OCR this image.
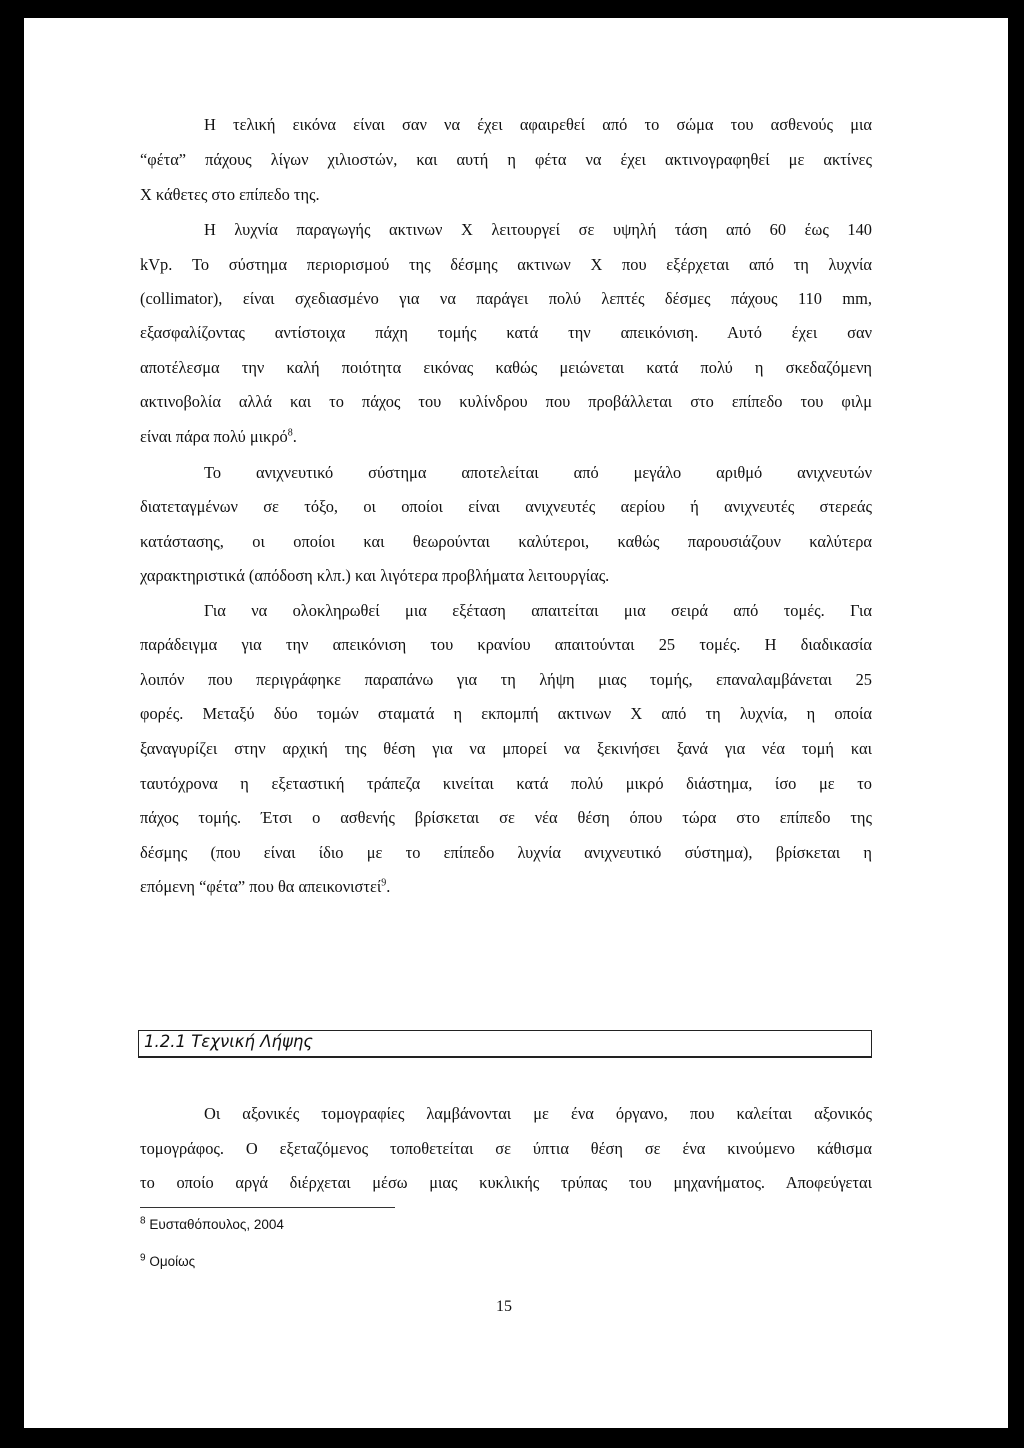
Η τελική εικόνα είναι σαν να έχει αφαιρεθεί από το σώμα του ασθενούς μια
“φέτα” πάχους λίγων χιλιοστών, και αυτή η φέτα να έχει ακτινογραφηθεί με ακτίνες
Χ κάθετες στο επίπεδο της.
Η λυχνία παραγωγής ακτινων Χ λειτουργεί σε υψηλή τάση από 60 έως 140
kVp. Το σύστημα περιορισμού της δέσμης ακτινων Χ που εξέρχεται από τη λυχνία
(collimator), είναι σχεδιασμένο για να παράγει πολύ λεπτές δέσμες πάχους 110 mm,
εξασφαλίζοντας αντίστοιχα πάχη τομής κατά την απεικόνιση. Αυτό έχει σαν
αποτέλεσμα την καλή ποιότητα εικόνας καθώς μειώνεται κατά πολύ η σκεδαζόμενη
ακτινοβολία αλλά και το πάχος του κυλίνδρου που προβάλλεται στο επίπεδο του φιλμ
είναι πάρα πολύ μικρό$^8$.
Το ανιχνευτικό σύστημα αποτελείται από μεγάλο αριθμό ανιχνευτών
διατεταγμένων σε τόξο, οι οποίοι είναι ανιχνευτές αερίου ή ανιχνευτές στερεάς
κατάστασης, οι οποίοι και θεωρούνται καλύτεροι, καθώς παρουσιάζουν καλύτερα
χαρακτηριστικά (απόδοση κλπ.) και λιγότερα προβλήματα λειτουργίας.
Για να ολοκληρωθεί μια εξέταση απαιτείται μια σειρά από τομές. Για
παράδειγμα για την απεικόνιση του κρανίου απαιτούνται 25 τομές. Η διαδικασία
λοιπόν που περιγράφηκε παραπάνω για τη λήψη μιας τομής, επαναλαμβάνεται 25
φορές. Μεταξύ δύο τομών σταματά η εκπομπή ακτινων Χ από τη λυχνία, η οποία
ξαναγυρίζει στην αρχική της θέση για να μπορεί να ξεκινήσει ξανά για νέα τομή και
ταυτόχρονα η εξεταστική τράπεζα κινείται κατά πολύ μικρό διάστημα, ίσο με το
πάχος τομής. Έτσι ο ασθενής βρίσκεται σε νέα θέση όπου τώρα στο επίπεδο της
δέσμης (που είναι ίδιο με το επίπεδο λυχνία ανιχνευτικό σύστημα), βρίσκεται η
επόμενη “φέτα” που θα απεικονιστεί$^9$.
1.2.1 Τεχνική Λήψης
Οι αξονικές τομογραφίες λαμβάνονται με ένα όργανο, που καλείται αξονικός
τομογράφος. Ο εξεταζόμενος τοποθετείται σε ύπτια θέση σε ένα κινούμενο κάθισμα
το οποίο αργά διέρχεται μέσω μιας κυκλικής τρύπας του μηχανήματος. Αποφεύγεται
$^8$ Ευσταθόπουλος, 2004
$^9$ Ομοίως
15
